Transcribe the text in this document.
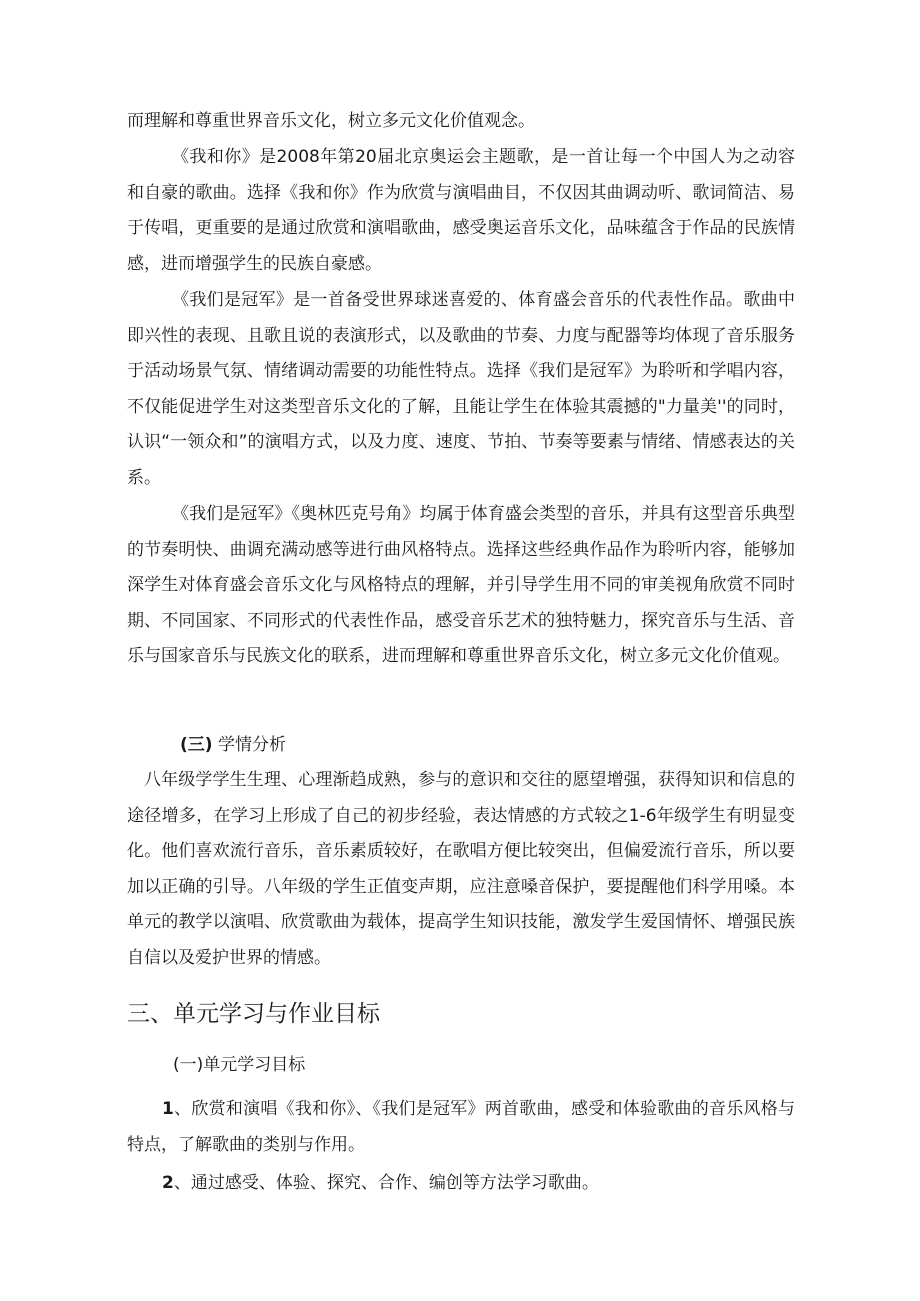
而理解和尊重世界音乐文化，树立多元文化价值观念。

《我和你》是2008年第20届北京奥运会主题歌，是一首让每一个中国人为之动容和自豪的歌曲。选择《我和你》作为欣赏与演唱曲目，不仅因其曲调动听、歌词简洁、易于传唱，更重要的是通过欣赏和演唱歌曲，感受奥运音乐文化，品味蕴含于作品的民族情感，进而增强学生的民族自豪感。

《我们是冠军》是一首备受世界球迷喜爱的、体育盛会音乐的代表性作品。歌曲中即兴性的表现、且歌且说的表演形式，以及歌曲的节奏、力度与配器等均体现了音乐服务于活动场景气氛、情绪调动需要的功能性特点。选择《我们是冠军》为聆听和学唱内容，不仅能促进学生对这类型音乐文化的了解，且能让学生在体验其震撼的"力量美''的同时，认识“一领众和”的演唱方式，以及力度、速度、节拍、节奏等要素与情绪、情感表达的关系。

《我们是冠军》《奥林匹克号角》均属于体育盛会类型的音乐，并具有这型音乐典型的节奏明快、曲调充满动感等进行曲风格特点。选择这些经典作品作为聆听内容，能够加深学生对体育盛会音乐文化与风格特点的理解，并引导学生用不同的审美视角欣赏不同时期、不同国家、不同形式的代表性作品，感受音乐艺术的独特魅力，探究音乐与生活、音乐与国家音乐与民族文化的联系，进而理解和尊重世界音乐文化，树立多元文化价值观。

(三) 学情分析

八年级学学生生理、心理渐趋成熟，参与的意识和交往的愿望增强，获得知识和信息的途径增多，在学习上形成了自己的初步经验，表达情感的方式较之1-6年级学生有明显变化。他们喜欢流行音乐，音乐素质较好，在歌唱方便比较突出，但偏爱流行音乐，所以要加以正确的引导。八年级的学生正值变声期，应注意嗓音保护，要提醒他们科学用嗓。本单元的教学以演唱、欣赏歌曲为载体，提高学生知识技能，激发学生爱国情怀、增强民族自信以及爱护世界的情感。

三、单元学习与作业目标

(一)单元学习目标

1、欣赏和演唱《我和你》、《我们是冠军》两首歌曲，感受和体验歌曲的音乐风格与特点，了解歌曲的类别与作用。

2、通过感受、体验、探究、合作、编创等方法学习歌曲。
